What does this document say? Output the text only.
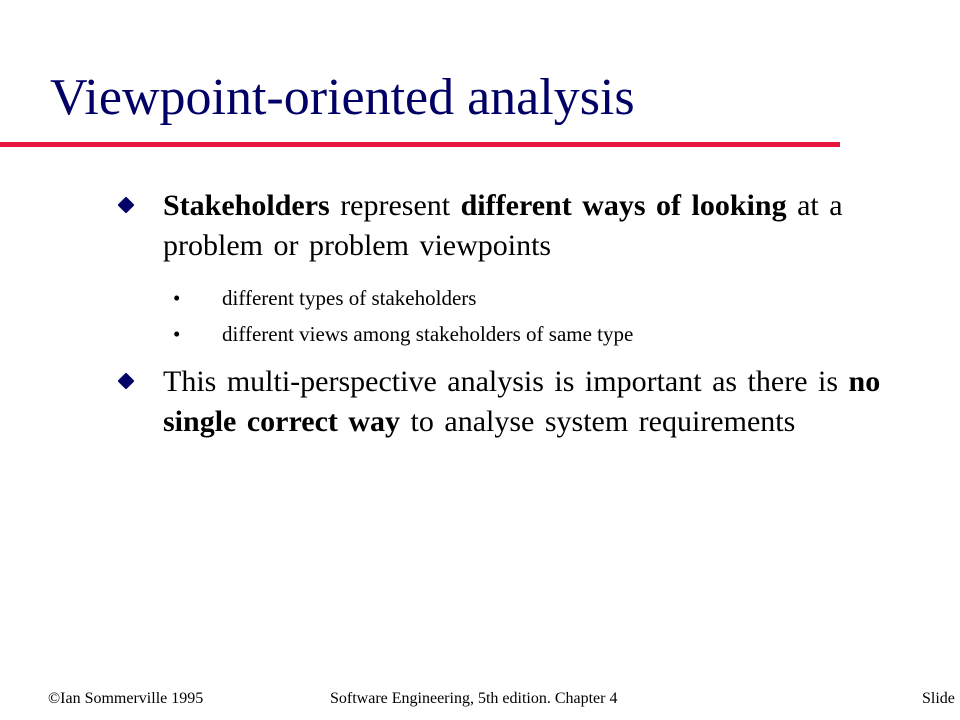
Viewpoint-oriented analysis
Stakeholders represent different ways of looking at a problem or problem viewpoints
• different types of stakeholders
• different views among stakeholders of same type
This multi-perspective analysis is important as there is no single correct way to analyse system requirements
©Ian Sommerville 1995	Software Engineering, 5th edition. Chapter 4	Slide
